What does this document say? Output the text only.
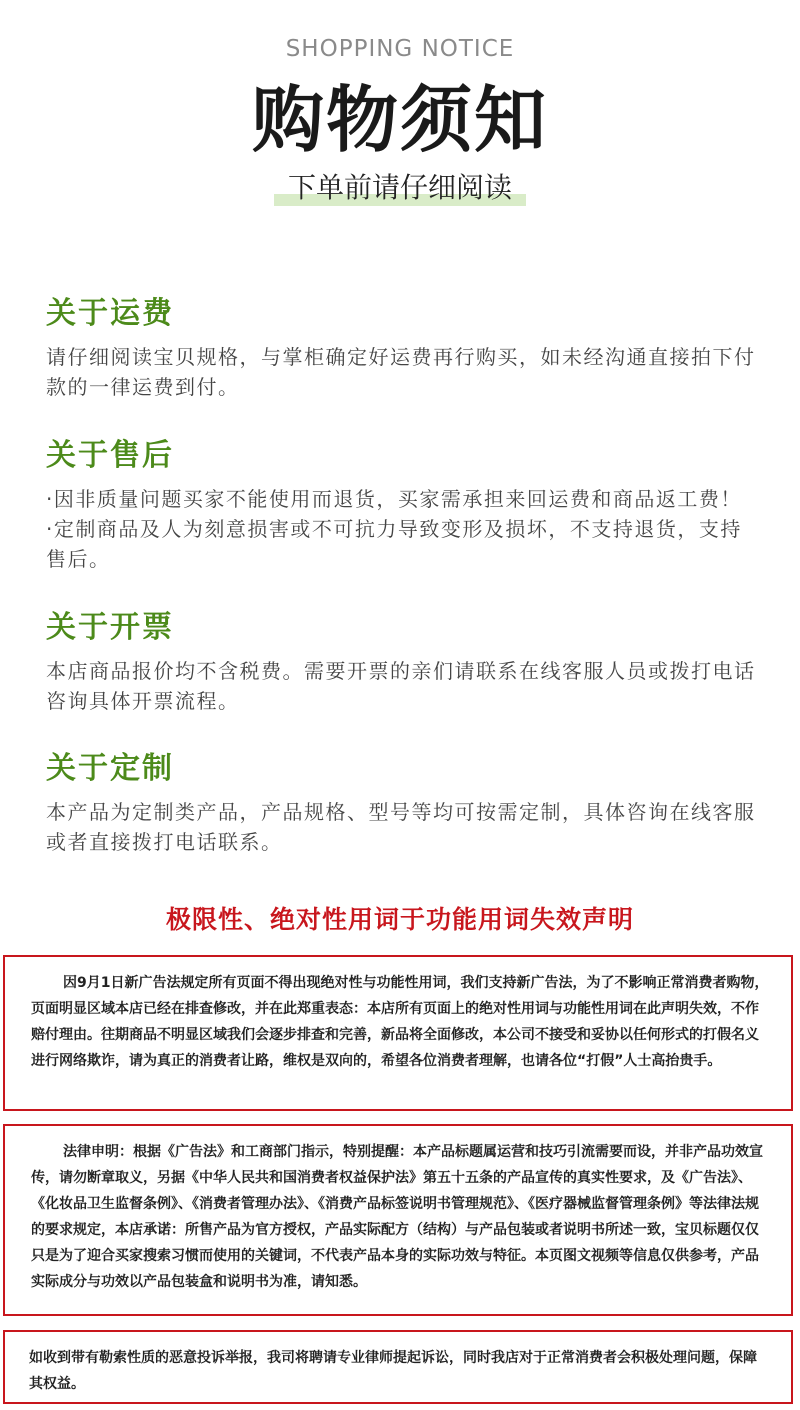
SHOPPING NOTICE
购物须知
下单前请仔细阅读
关于运费

请仔细阅读宝贝规格，与掌柜确定好运费再行购买，如未经沟通直接拍下付款的一律运费到付。

关于售后

·因非质量问题买家不能使用而退货，买家需承担来回运费和商品返工费！

·定制商品及人为刻意损害或不可抗力导致变形及损坏，不支持退货，支持售后。

关于开票

本店商品报价均不含税费。需要开票的亲们请联系在线客服人员或拨打电话咨询具体开票流程。

关于定制

本产品为定制类产品，产品规格、型号等均可按需定制，具体咨询在线客服或者直接拨打电话联系。

极限性、绝对性用词于功能用词失效声明
因9月1日新广告法规定所有页面不得出现绝对性与功能性用词，我们支持新广告法，为了不影响正常消费者购物，页面明显区域本店已经在排查修改，并在此郑重表态：本店所有页面上的绝对性用词与功能性用词在此声明失效，不作赔付理由。往期商品不明显区域我们会逐步排查和完善，新品将全面修改，本公司不接受和妥协以任何形式的打假名义进行网络欺诈，请为真正的消费者让路，维权是双向的，希望各位消费者理解，也请各位“打假”人士高抬贵手。
法律申明：根据《广告法》和工商部门指示，特别提醒：本产品标题属运营和技巧引流需要而设，并非产品功效宣传，请勿断章取义，另据《中华人民共和国消费者权益保护法》第五十五条的产品宣传的真实性要求，及《广告法》、《化妆品卫生监督条例》、《消费者管理办法》、《消费产品标签说明书管理规范》、《医疗器械监督管理条例》等法律法规的要求规定，本店承诺：所售产品为官方授权，产品实际配方（结构）与产品包装或者说明书所述一致，宝贝标题仅仅只是为了迎合买家搜索习惯而使用的关键词，不代表产品本身的实际功效与特征。本页图文视频等信息仅供参考，产品实际成分与功效以产品包装盒和说明书为准，请知悉。
如收到带有勒索性质的恶意投诉举报，我司将聘请专业律师提起诉讼，同时我店对于正常消费者会积极处理问题，保障其权益。
